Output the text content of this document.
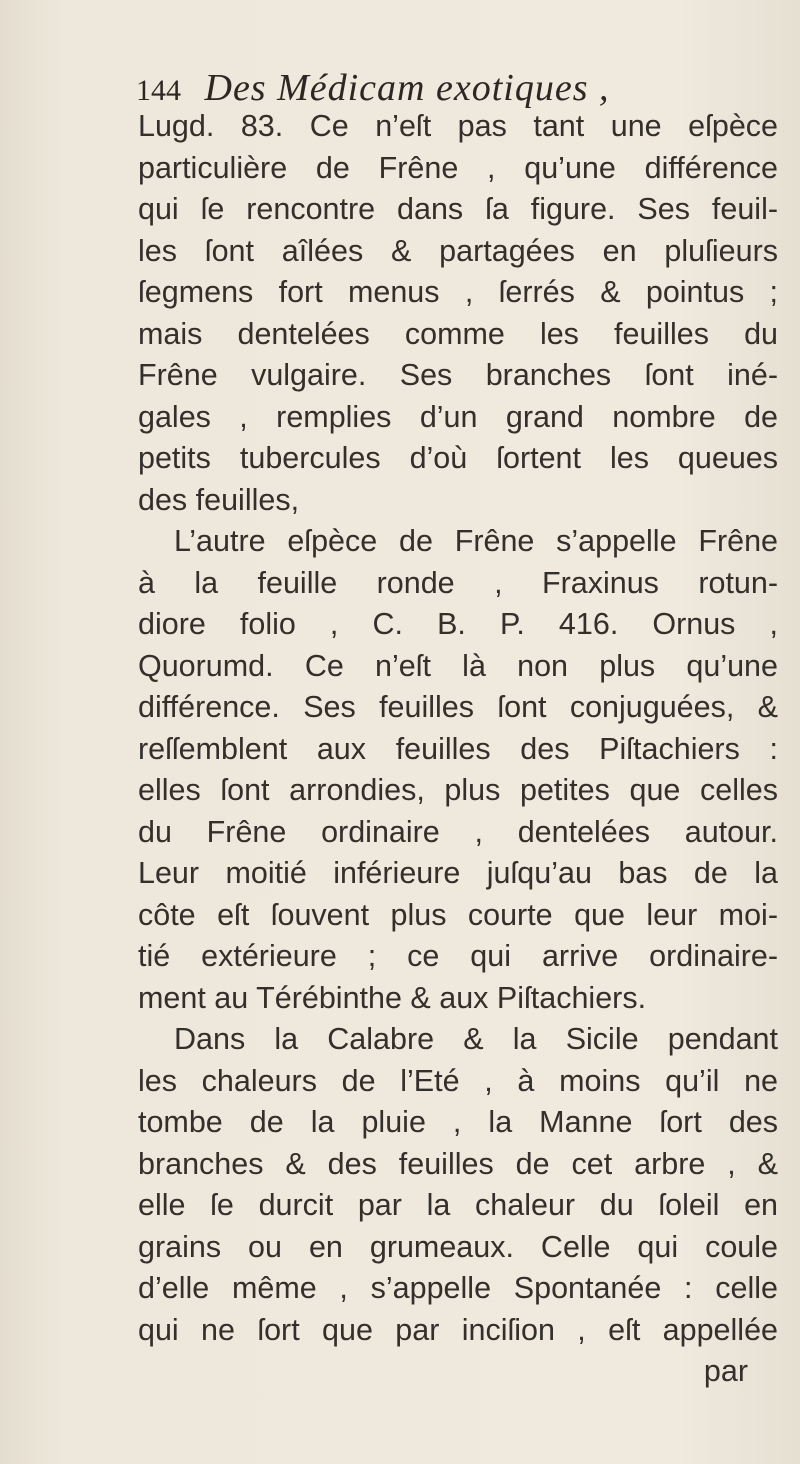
144 Des Médicam exotiques ,
Lugd. 83. Ce n’eſt pas tant une eſpèce
particulière de Frêne , qu’une différence
qui ſe rencontre dans ſa figure. Ses feuil-
les ſont aîlées & partagées en pluſieurs
ſegmens fort menus , ſerrés & pointus ;
mais dentelées comme les feuilles du
Frêne vulgaire. Ses branches ſont iné-
gales , remplies d’un grand nombre de
petits tubercules d’où ſortent les queues
des feuilles,
L’autre eſpèce de Frêne s’appelle Frêne
à la feuille ronde , Fraxinus rotun-
diore folio , C. B. P. 416. Ornus ,
Quorumd. Ce n’eſt là non plus qu’une
différence. Ses feuilles ſont conjuguées, &
reſſemblent aux feuilles des Piſtachiers :
elles ſont arrondies, plus petites que celles
du Frêne ordinaire , dentelées autour.
Leur moitié inférieure juſqu’au bas de la
côte eſt ſouvent plus courte que leur moi-
tié extérieure ; ce qui arrive ordinaire-
ment au Térébinthe & aux Piſtachiers.
Dans la Calabre & la Sicile pendant
les chaleurs de l’Eté , à moins qu’il ne
tombe de la pluie , la Manne ſort des
branches & des feuilles de cet arbre , &
elle ſe durcit par la chaleur du ſoleil en
grains ou en grumeaux. Celle qui coule
d’elle même , s’appelle Spontanée : celle
qui ne ſort que par inciſion , eſt appellée
par
